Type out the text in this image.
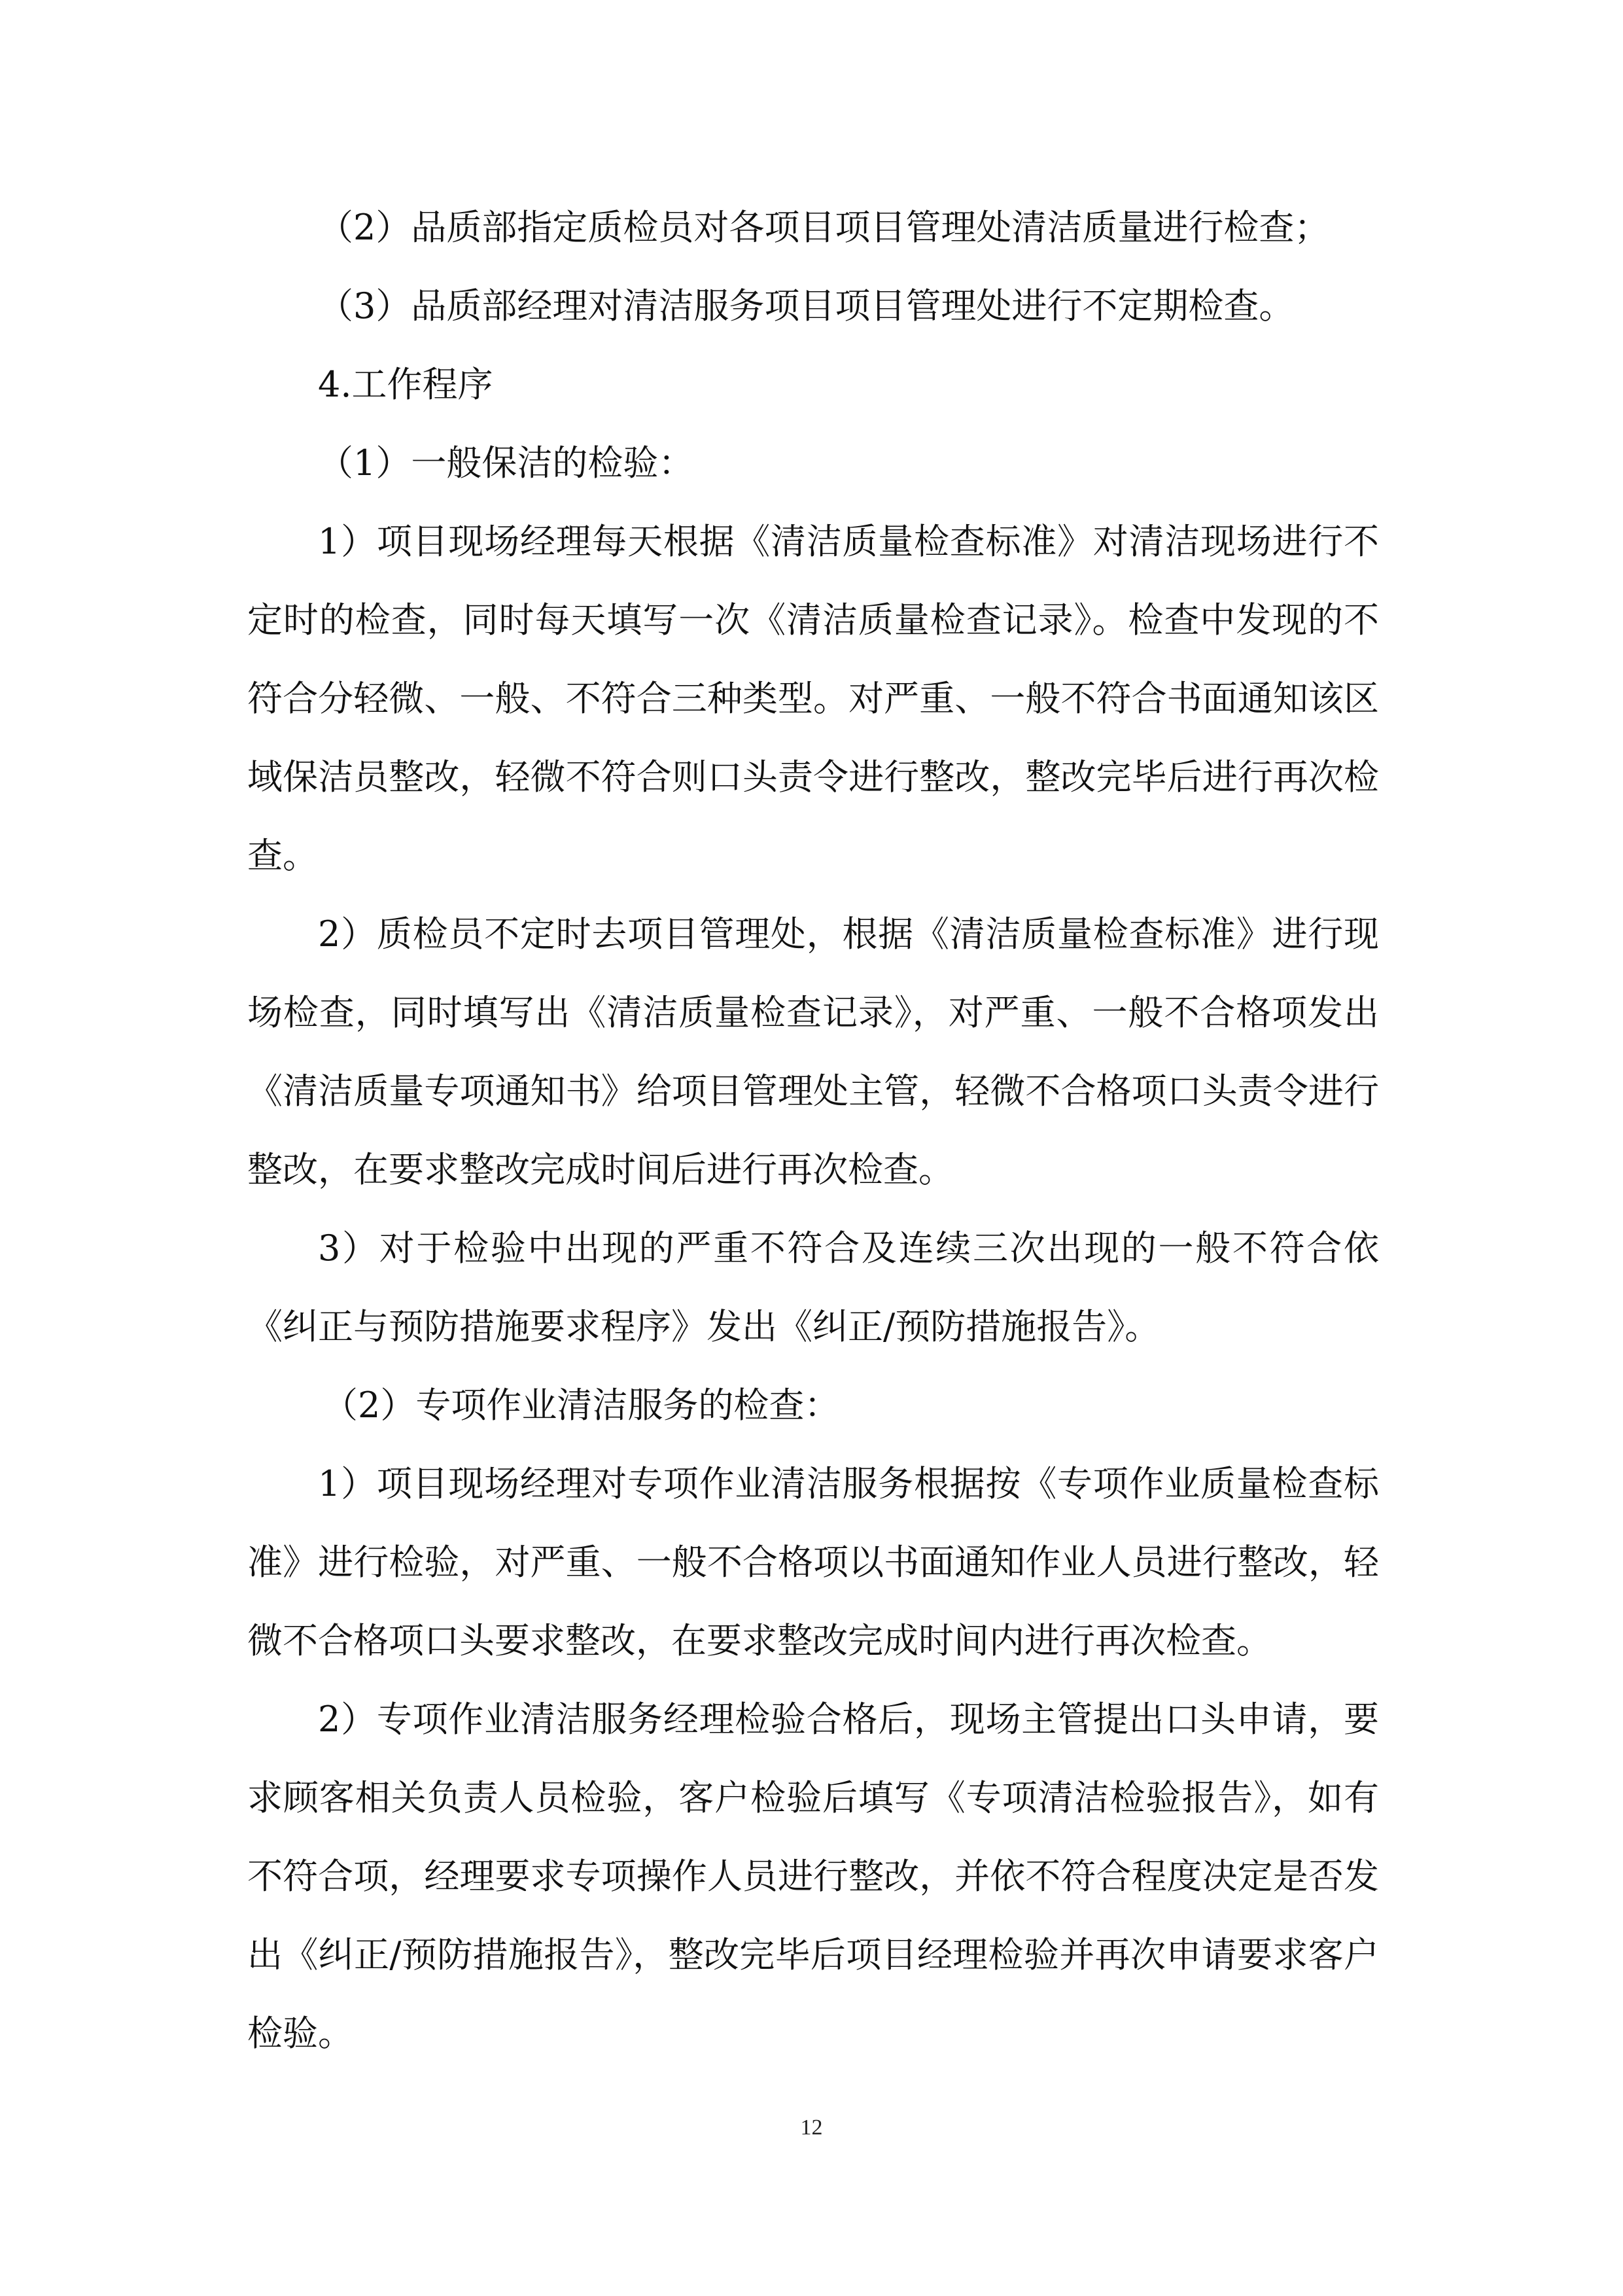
（2）品质部指定质检员对各项目项目管理处清洁质量进行检查；

（3）品质部经理对清洁服务项目项目管理处进行不定期检查。

4.工作程序

（1）一般保洁的检验：

1）项目现场经理每天根据《清洁质量检查标准》对清洁现场进行不定时的检查，同时每天填写一次《清洁质量检查记录》。检查中发现的不符合分轻微、一般、不符合三种类型。对严重、一般不符合书面通知该区域保洁员整改，轻微不符合则口头责令进行整改，整改完毕后进行再次检查。

2）质检员不定时去项目管理处，根据《清洁质量检查标准》进行现场检查，同时填写出《清洁质量检查记录》，对严重、一般不合格项发出《清洁质量专项通知书》给项目管理处主管，轻微不合格项口头责令进行整改，在要求整改完成时间后进行再次检查。

3）对于检验中出现的严重不符合及连续三次出现的一般不符合依《纠正与预防措施要求程序》发出《纠正/预防措施报告》。

（2）专项作业清洁服务的检查：

1）项目现场经理对专项作业清洁服务根据按《专项作业质量检查标准》进行检验，对严重、一般不合格项以书面通知作业人员进行整改，轻微不合格项口头要求整改，在要求整改完成时间内进行再次检查。

2）专项作业清洁服务经理检验合格后，现场主管提出口头申请，要求顾客相关负责人员检验，客户检验后填写《专项清洁检验报告》，如有不符合项，经理要求专项操作人员进行整改，并依不符合程度决定是否发出《纠正/预防措施报告》，整改完毕后项目经理检验并再次申请要求客户检验。

12
